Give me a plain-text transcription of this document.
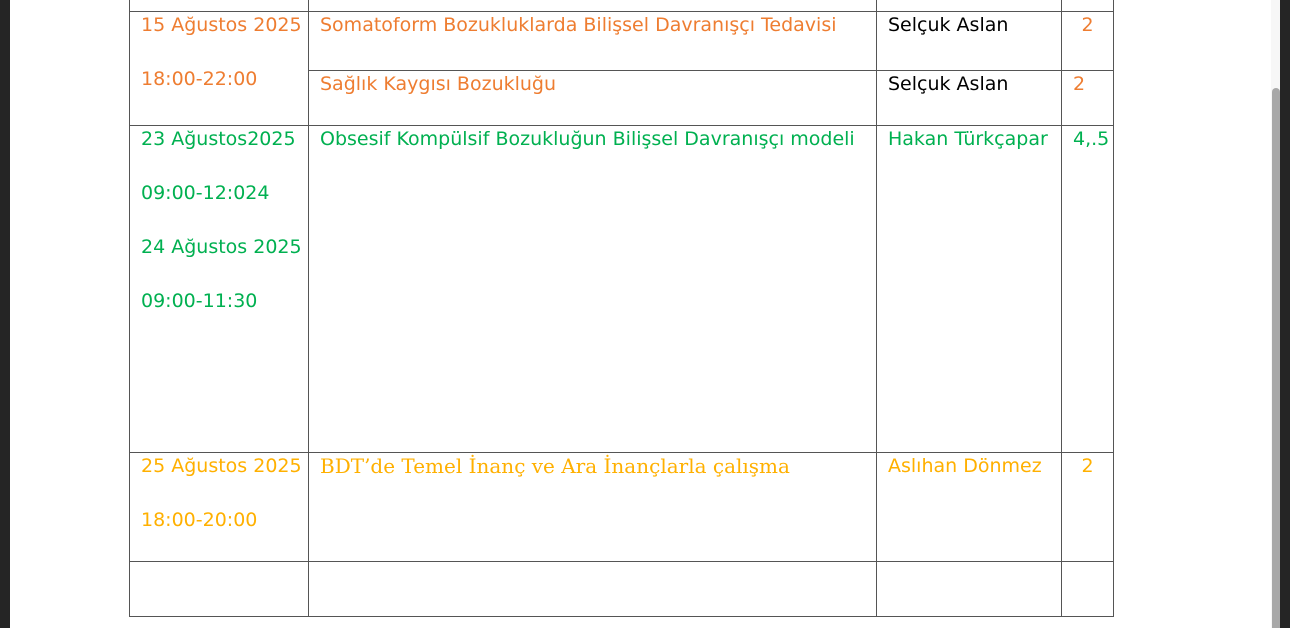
15 Ağustos 2025
18:00-22:00	Somatoform Bozukluklarda Bilişsel Davranışçı Tedavisi	Selçuk Aslan	2
	Sağlık Kaygısı Bozukluğu	Selçuk Aslan	2

23 Ağustos2025
09:00-12:024
24 Ağustos 2025
09:00-11:30	Obsesif Kompülsif Bozukluğun Bilişsel Davranışçı modeli	Hakan Türkçapar	4,.5

25 Ağustos 2025
18:00-20:00	BDT’de Temel İnanç ve Ara İnançlarla çalışma	Aslıhan Dönmez	2
